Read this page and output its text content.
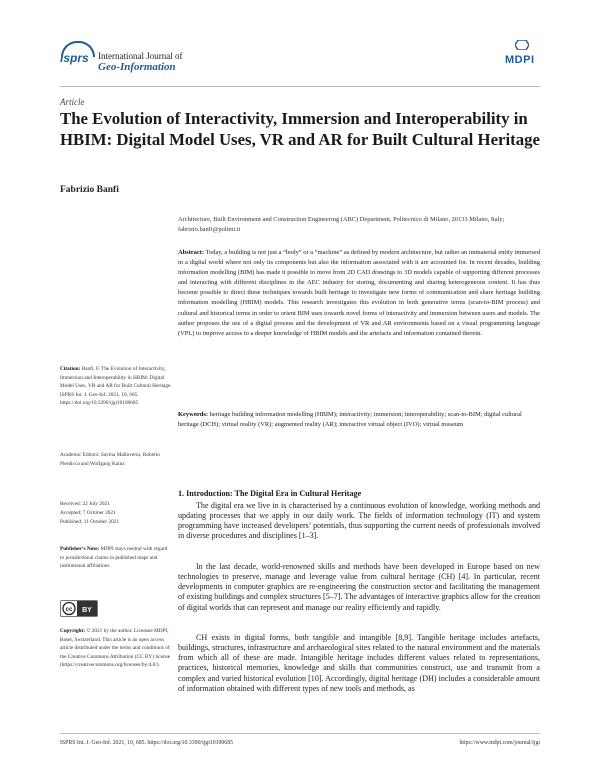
isprs	International Journal of
Geo-Information
MDPI
Article
The Evolution of Interactivity, Immersion and Interoperability in HBIM: Digital Model Uses, VR and AR for Built Cultural Heritage
Fabrizio Banfi
Architecture, Built Environment and Construction Engineering (ABC) Department, Politecnico di Milano, 20133 Milano, Italy; fabrizio.banfi@polimi.it
Abstract: Today, a building is not just a “body” or a “machine” as defined by modern architecture, but rather an immaterial entity immersed in a digital world where not only its components but also the information associated with it are accounted for. In recent decades, building information modelling (BIM) has made it possible to move from 2D CAD drawings to 3D models capable of supporting different processes and interacting with different disciplines in the AEC industry for storing, documenting and sharing heterogeneous content. It has thus become possible to direct these techniques towards built heritage to investigate new forms of communication and share heritage building information modelling (HBIM) models. This research investigates this evolution in both generative terms (scan-to-BIM process) and cultural and historical terms in order to orient BIM uses towards novel forms of interactivity and immersion between users and models. The author proposes the use of a digital process and the development of VR and AR environments based on a visual programming language (VPL) to improve access to a deeper knowledge of HBIM models and the artefacts and information contained therein.
Keywords: heritage building information modelling (HBIM); interactivity; immersion; interoperability; scan-to-BIM; digital cultural heritage (DCH); virtual reality (VR); augmented reality (AR); interactive virtual object (IVO); virtual museum
Citation: Banfi, F. The Evolution of Interactivity, Immersion and Interoperability in HBIM: Digital Model Uses, VR and AR for Built Cultural Heritage. ISPRS Int. J. Geo-Inf. 2021, 10, 685. https://doi.org/10.3390/ijgi10100685
Academic Editors: Savina Malinverni, Roberto Pierdicca and Wolfgang Kainz
Received: 22 July 2021
Accepted: 7 October 2021
Published: 11 October 2021
Publisher’s Note: MDPI stays neutral with regard to jurisdictional claims in published maps and institutional affiliations.
cc BY
Copyright: © 2021 by the author. Licensee MDPI, Basel, Switzerland. This article is an open access article distributed under the terms and conditions of the Creative Commons Attribution (CC BY) license (https://creativecommons.org/licenses/by/4.0/).
1. Introduction: The Digital Era in Cultural Heritage
The digital era we live in is characterised by a continuous evolution of knowledge, working methods and updating processes that we apply in our daily work. The fields of information technology (IT) and system programming have increased developers’ potentials, thus supporting the current needs of professionals involved in diverse procedures and disciplines [1–3].
In the last decade, world-renowned skills and methods have been developed in Europe based on new technologies to preserve, manage and leverage value from cultural heritage (CH) [4]. In particular, recent developments in computer graphics are re-engineering the construction sector and facilitating the management of existing buildings and complex structures [5–7]. The advantages of interactive graphics allow for the creation of digital worlds that can represent and manage our reality efficiently and rapidly.
CH exists in digital forms, both tangible and intangible [8,9]. Tangible heritage includes artefacts, buildings, structures, infrastructure and archaeological sites related to the natural environment and the materials from which all of these are made. Intangible heritage includes different values related to representations, practices, historical memories, knowledge and skills that communities construct, use and transmit from a complex and varied historical evolution [10]. Accordingly, digital heritage (DH) includes a considerable amount of information obtained with different types of new tools and methods, as
ISPRS Int. J. Geo-Inf. 2021, 10, 685. https://doi.org/10.3390/ijgi10100685	https://www.mdpi.com/journal/ijgi
